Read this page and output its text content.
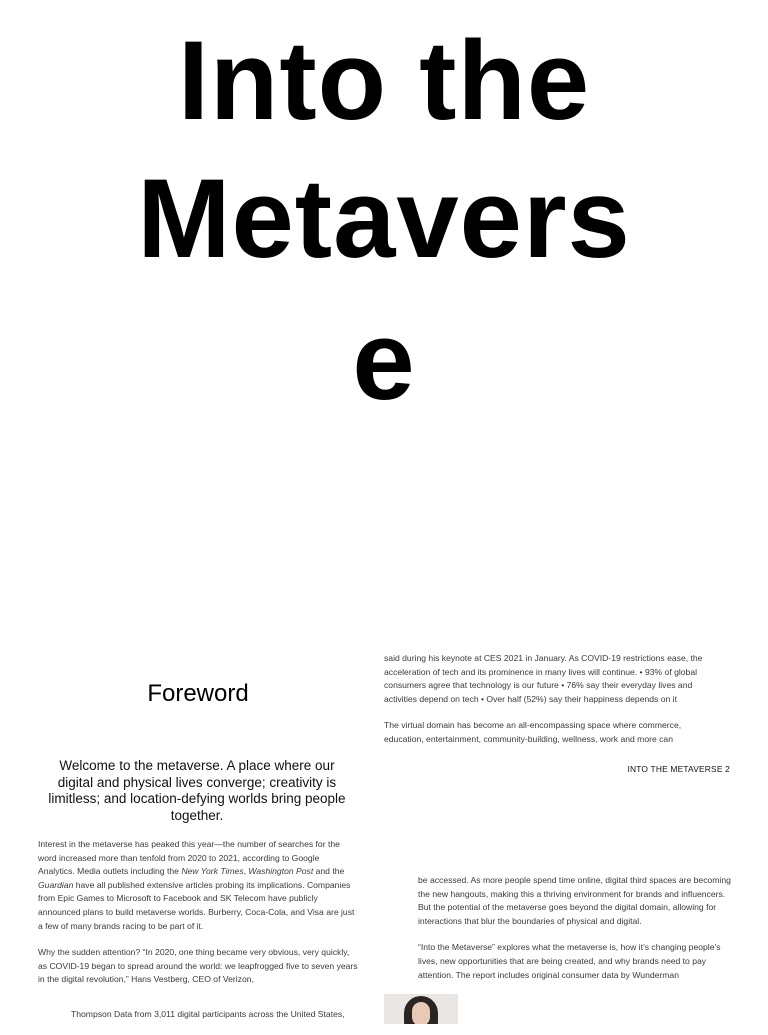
Into the
Metavers
e
Foreword
Welcome to the metaverse. A place where our digital and physical lives converge; creativity is limitless; and location-defying worlds bring people together.

Interest in the metaverse has peaked this year—the number of searches for the word increased more than tenfold from 2020 to 2021, according to Google Analytics. Media outlets including the New York Times, Washington Post and the Guardian have all published extensive articles probing its implications. Companies from Epic Games to Microsoft to Facebook and SK Telecom have publicly announced plans to build metaverse worlds. Burberry, Coca-Cola, and Visa are just a few of many brands racing to be part of it.

Why the sudden attention? “In 2020, one thing became very obvious, very quickly, as COVID-19 began to spread around the world: we leapfrogged five to seven years in the digital revolution,” Hans Vestberg, CEO of Verizon,

Thompson Data from 3,011 digital participants across the United States,

said during his keynote at CES 2021 in January. As COVID-19 restrictions ease, the acceleration of tech and its prominence in many lives will continue. • 93% of global consumers agree that technology is our future • 76% say their everyday lives and activities depend on tech • Over half (52%) say their happiness depends on it

The virtual domain has become an all-encompassing space where commerce, education, entertainment, community-building, wellness, work and more can

INTO THE METAVERSE 2

be accessed. As more people spend time online, digital third spaces are becoming the new hangouts, making this a thriving environment for brands and influencers. But the potential of the metaverse goes beyond the digital domain, allowing for interactions that blur the boundaries of physical and digital.

“Into the Metaverse” explores what the metaverse is, how it’s changing people’s lives, new opportunities that are being created, and why brands need to pay attention. The report includes original consumer data by Wunderman
